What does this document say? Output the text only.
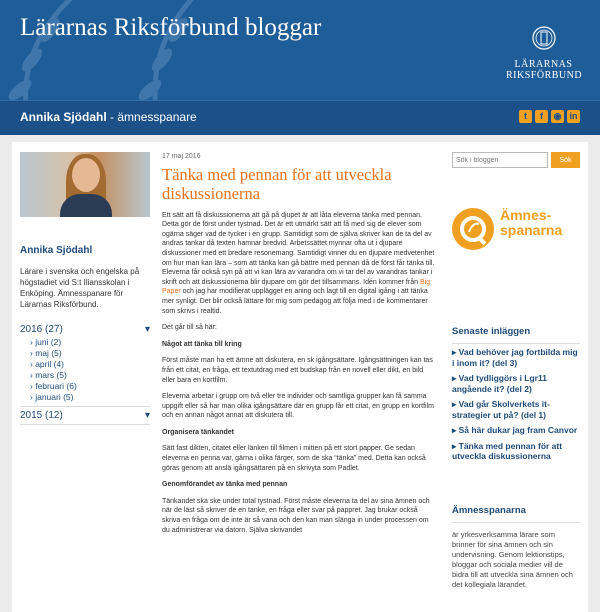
Lärarnas Riksförbund bloggar
LÄRARNAS
RIKSFÖRBUND
Annika Sjödahl - ämnesspanare	t	f	◉ in
Annika Sjödahl

Lärare i svenska och engelska på högstadiet vid S:t Iliansskolan i Enköping. Ämnesspanare för Lärarnas Riksförbund.

2016 (27)	▾
› juni (2)
› maj (5)
› april (4)
› mars (5)
› februari (6)
› januari (5)
2015 (12)	▾
17 maj 2016
Tänka med pennan för att utveckla diskussionerna

Ett sätt att få diskussionerna att gå på djupet är att låta eleverna tänka med pennan. Detta gör de först under tystnad. Det är ett utmärkt sätt att få med sig de elever som ogärna säger vad de tycker i en grupp. Samtidigt som de själva skriver kan de ta del av andras tankar då texten hamnar bredvid. Arbetssättet mynnar ofta ut i djupare diskussioner med ett bredare resonemang. Samtidigt vinner du en djupare medvetenhet om hur man kan lära – som att tänka kan gå bättre med pennan då de först får tänka till. Eleverna får också syn på att vi kan lära av varandra om vi tar del av varandras tankar i skrift och att diskussionerna blir djupare om gör det tillsammans. Idén kommer från Big Paper och jag har modifierat upplägget en aning och lagt till en digital igång i att tänka mer synligt. Det blir också lättare för mig som pedagog att följa med i de kommentarer som skrivs i realtid.

Det går till så här:

Något att tänka till kring

Först måste man ha ett ämne att diskutera, en sk igångsättare. Igångsättningen kan tas från ett citat, en fråga, ett textutdrag med ett budskap från en novell eller dikt, en bild eller bara en kortfilm.

Eleverna arbetar i grupp om två eller tre individer och samtliga grupper kan få samma uppgift eller så har man olika igångsättare där en grupp får ett citat, en grupp en kortfilm och en annan något annat att diskutera till.

Organisera tänkandet

Sätt fast dikten, citatet eller länken till filmen i mitten på ett stort papper. Ge sedan eleverna en penna var, gärna i olika färger, som de ska “tänka” med. Detta kan också göras genom att anslä igångsättaren på en skrivyta som Padlet.

Genomförandet av tänka med pennan

Tänkandet ska ske under total tystnad. Först måste eleverna ta del av sina ämnen och när de läst så skriver de en tanke, en fråga eller svar på pappret. Jag brukar också skriva en fråga om de inte är så vana och den kan man slänga in under processen om du administrerar via datorn. Själva skrivandet

Sök i bloggen
Sök
Ämnes-
spanarna
Senaste inläggen
▸ Vad behöver jag fortbilda mig i inom it? (del 3)
▸ Vad tydliggörs i Lgr11 angående it? (del 2)
▸ Vad går Skolverkets it-strategier ut på? (del 1)
▸ Så här dukar jag fram Canvor
▸ Tänka med pennan för att utveckla diskussionerna
Ämnesspanarna

är yrkesverksamma lärare som brinner för sina ämnen och sin undervisning. Genom lektionstips, bloggar och sociala medier vill de bidra till att utveckla sina ämnen och det kollegiala lärandet.
